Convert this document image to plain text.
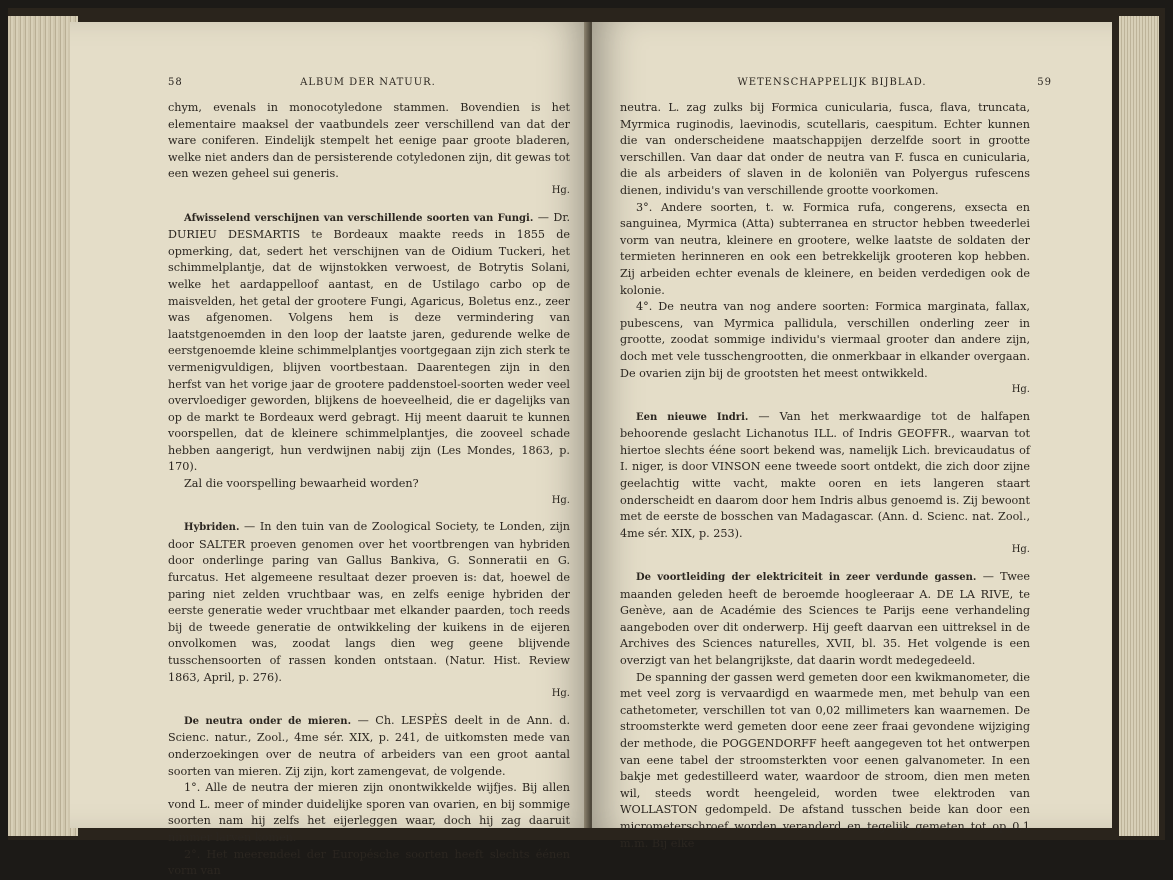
58	ALBUM DER NATUUR.

chym, evenals in monocotyledone stammen. Bovendien is het elementaire maaksel der vaatbundels zeer verschillend van dat der ware coniferen. Eindelijk stempelt het eenige paar groote bladeren, welke niet anders dan de persisterende cotyledonen zijn, dit gewas tot een wezen geheel sui generis.

Hg.

Afwisselend verschijnen van verschillende soorten van Fungi. — Dr. DURIEU DESMARTIS te Bordeaux maakte reeds in 1855 de opmerking, dat, sedert het verschijnen van de Oidium Tuckeri, het schimmelplantje, dat de wijnstokken verwoest, de Botrytis Solani, welke het aardappelloof aantast, en de Ustilago carbo op de maisvelden, het getal der grootere Fungi, Agaricus, Boletus enz., zeer was afgenomen. Volgens hem is deze vermindering van laatstgenoemden in den loop der laatste jaren, gedurende welke de eerstgenoemde kleine schimmelplantjes voortgegaan zijn zich sterk te vermenigvuldigen, blijven voortbestaan. Daarentegen zijn in den herfst van het vorige jaar de grootere paddenstoel-soorten weder veel overvloediger geworden, blijkens de hoeveelheid, die er dagelijks van op de markt te Bordeaux werd gebragt. Hij meent daaruit te kunnen voorspellen, dat de kleinere schimmelplantjes, die zooveel schade hebben aangerigt, hun verdwijnen nabij zijn (Les Mondes, 1863, p. 170).

Zal die voorspelling bewaarheid worden?

Hg.

Hybriden. — In den tuin van de Zoological Society, te Londen, zijn door SALTER proeven genomen over het voortbrengen van hybriden door onderlinge paring van Gallus Bankiva, G. Sonneratii en G. furcatus. Het algemeene resultaat dezer proeven is: dat, hoewel de paring niet zelden vruchtbaar was, en zelfs eenige hybriden der eerste generatie weder vruchtbaar met elkander paarden, toch reeds bij de tweede generatie de ontwikkeling der kuikens in de eijeren onvolkomen was, zoodat langs dien weg geene blijvende tusschensoorten of rassen konden ontstaan. (Natur. Hist. Review 1863, April, p. 276).

Hg.

De neutra onder de mieren. — Ch. LESPÈS deelt in de Ann. d. Scienc. natur., Zool., 4me sér. XIX, p. 241, de uitkomsten mede van onderzoekingen over de neutra of arbeiders van een groot aantal soorten van mieren. Zij zijn, kort zamengevat, de volgende.

1°. Alle de neutra der mieren zijn onontwikkelde wijfjes. Bij allen vond L. meer of minder duidelijke sporen van ovarien, en bij sommige soorten nam hij zelfs het eijerleggen waar, doch hij zag daaruit nimmer larven komen.

2°. Het meerendeel der Europésche soorten heeft slechts éénen vorm van

WETENSCHAPPELIJK BIJBLAD.	59

neutra. L. zag zulks bij Formica cunicularia, fusca, flava, truncata, Myrmica ruginodis, laevinodis, scutellaris, caespitum. Echter kunnen die van onderscheidene maatschappijen derzelfde soort in grootte verschillen. Van daar dat onder de neutra van F. fusca en cunicularia, die als arbeiders of slaven in de koloniën van Polyergus rufescens dienen, individu's van verschillende grootte voorkomen.

3°. Andere soorten, t. w. Formica rufa, congerens, exsecta en sanguinea, Myrmica (Atta) subterranea en structor hebben tweederlei vorm van neutra, kleinere en grootere, welke laatste de soldaten der termieten herinneren en ook een betrekkelijk grooteren kop hebben. Zij arbeiden echter evenals de kleinere, en beiden verdedigen ook de kolonie.

4°. De neutra van nog andere soorten: Formica marginata, fallax, pubescens, van Myrmica pallidula, verschillen onderling zeer in grootte, zoodat sommige individu's viermaal grooter dan andere zijn, doch met vele tusschengrootten, die onmerkbaar in elkander overgaan. De ovarien zijn bij de grootsten het meest ontwikkeld.

Hg.

Een nieuwe Indri. — Van het merkwaardige tot de halfapen behoorende geslacht Lichanotus ILL. of Indris GEOFFR., waarvan tot hiertoe slechts ééne soort bekend was, namelijk Lich. brevicaudatus of I. niger, is door VINSON eene tweede soort ontdekt, die zich door zijne geelachtig witte vacht, makte ooren en iets langeren staart onderscheidt en daarom door hem Indris albus genoemd is. Zij bewoont met de eerste de bosschen van Madagascar. (Ann. d. Scienc. nat. Zool., 4me sér. XIX, p. 253).

Hg.

De voortleiding der elektriciteit in zeer verdunde gassen. — Twee maanden geleden heeft de beroemde hoogleeraar A. DE LA RIVE, te Genève, aan de Académie des Sciences te Parijs eene verhandeling aangeboden over dit onderwerp. Hij geeft daarvan een uittreksel in de Archives des Sciences naturelles, XVII, bl. 35. Het volgende is een overzigt van het belangrijkste, dat daarin wordt medegedeeld.

De spanning der gassen werd gemeten door een kwikmanometer, die met veel zorg is vervaardigd en waarmede men, met behulp van een cathetometer, verschillen tot van 0,02 millimeters kan waarnemen. De stroomsterkte werd gemeten door eene zeer fraai gevondene wijziging der methode, die POGGENDORFF heeft aangegeven tot het ontwerpen van eene tabel der stroomsterkten voor eenen galvanometer. In een bakje met gedestilleerd water, waardoor de stroom, dien men meten wil, steeds wordt heengeleid, worden twee elektroden van WOLLASTON gedompeld. De afstand tusschen beide kan door een micrometerschroef worden veranderd en tegelijk gemeten tot op 0,1 m.m. Bij elke
